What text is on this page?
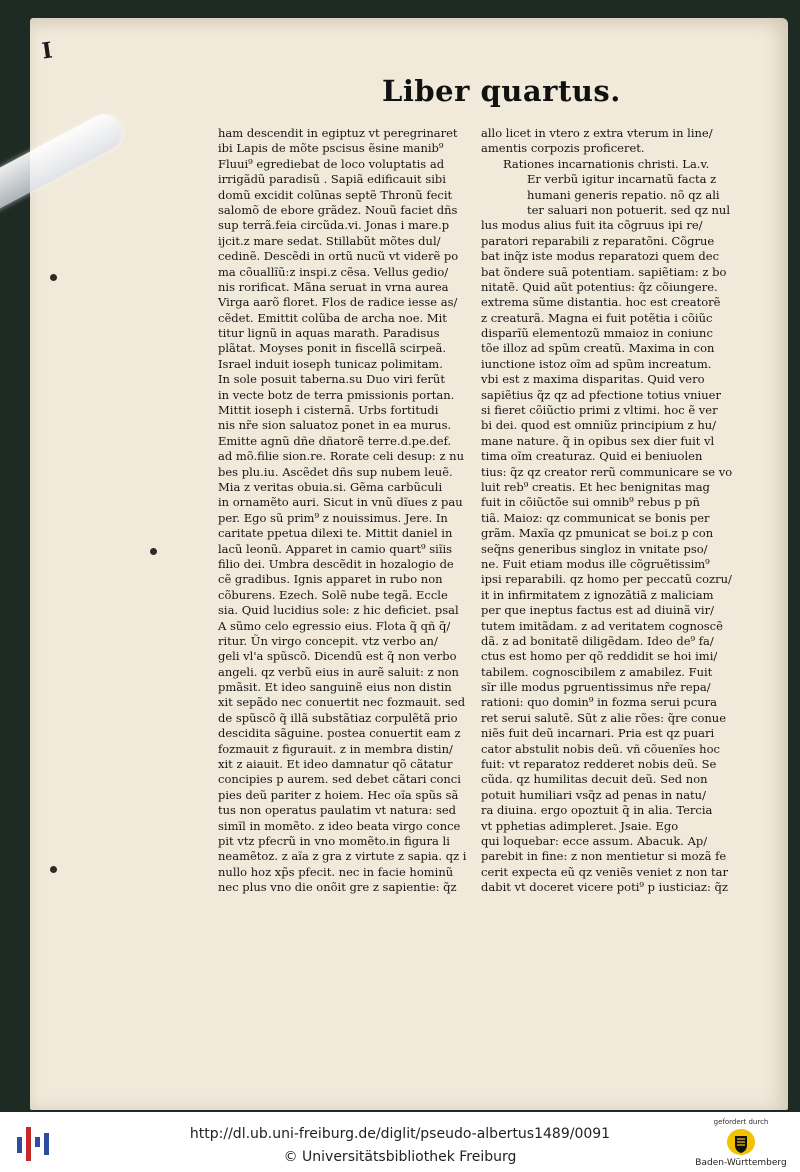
I
Liber quartus.
ham descendit in egiptuz vt peregrinaret
ibi Lapis de mõte pscisus ẽsine manib⁹
Fluui⁹ egrediebat de loco voluptatis ad
irrigãdũ paradisũ . Sapiã edificauit sibi
domũ excidit colũnas septẽ Thronũ fecit
salomõ de ebore grãdez. Nouũ faciet dñs
sup terrã.feia circũda.vi. Jonas i mare.p
ijcit.z mare sedat. Stillabũt mõtes dul/
cedinẽ. Descẽdi in ortũ nucũ vt viderẽ po
ma cõuallĩũ:z inspi.z cẽsa. Vellus gedio/
nis rorificat. Mãna seruat in vrna aurea
Virga aarõ floret. Flos de radice iesse as/
cẽdet. Emittit colũba de archa noe. Mit
titur lignũ in aquas marath. Paradisus
plãtat. Moyses ponit in fiscellã scirpeã.
Israel induit ioseph tunicaz polimitam.
In sole posuit taberna.su Duo viri ferũt
in vecte botz de terra pmissionis portan.
Mittit ioseph i cisternã. Urbs fortitudi
nis nr̃e sion saluatoz ponet in ea murus.
Emitte agnũ dñe dñatorẽ terre.d.pe.def.
ad mõ.filie sion.re. Rorate celi desup: z nu
bes plu.iu. Ascẽdet dñs sup nubem leuẽ.
Mia z veritas obuia.si. Gẽma carbũculi
in ornamẽto auri. Sicut in vnũ dĩues z pau
per. Ego sũ prim⁹ z nouissimus. Jere. In
caritate ppetua dilexi te. Mittit daniel in
lacũ leonũ. Apparet in camio quart⁹ siĩis
filio dei. Umbra descẽdit in hozalogio de
cẽ gradibus. Ignis apparet in rubo non
cõburens. Ezech. Solẽ nube tegã. Eccle
sia. Quid lucidius sole: z hic deficiet. psal
A sũmo celo egressio eius. Flota q̃ qñ q̃/
ritur. Ũn virgo concepit. vtz verbo an/
geli vl'a spũscõ. Dicendũ est q̃ non verbo
angeli. qz verbũ eius in aurẽ saluit: z non
pmãsit. Et ideo sanguinẽ eius non distin
xit sepãdo nec conuertit nec fozmauit. sed
de spũscõ q̃ illã substãtiaz corpulẽtã prio
descidita sãguine. postea conuertit eam z
fozmauit z figurauit. z in membra distin/
xit z aiauit. Et ideo damnatur qõ cãtatur
concipies p aurem. sed debet cãtari conci
pies deũ pariter z hoiem. Hec oĩa spũs sã
tus non operatus paulatim vt natura: sed
simĩl in momẽto. z ideo beata virgo conce
pit vtz pfecrũ in vno momẽto.in figura li
neamẽtoz. z aĩa z gra z virtute z sapia. qz i
nullo hoz xp̃s pfecit. nec in facie hominũ
nec plus vno die onõit gre z sapientie: q̃z
allo licet in vtero z extra vterum in line/
amentis corpozis proficeret.
Rationes incarnationis christi. La.v.
Er verbũ igitur incarnatũ facta z
humani generis repatio. nõ qz ali
ter saluari non potuerit. sed qz nul
lus modus alius fuit ita cõgruus ipi re/
paratori reparabili z reparatõni. Cõgrue
bat inq̃z iste modus reparatozi quem dec
bat õndere suã potentiam. sapiẽtiam: z bo
nitatẽ. Quid aũt potentius: q̃z cõiungere.
extrema sũme distantia. hoc est creatorẽ
z creaturã. Magna ei fuit potẽtia i cõiũc
disparĩũ elementozũ mmaioz in coniunc
tõe illoz ad spũm creatũ. Maxima in con
iunctione istoz oĩm ad spũm increatum.
vbi est z maxima disparitas. Quid vero
sapiẽtius q̃z qz ad pfectione totius vniuer
si fieret cõiũctio primi z vltimi. hoc ẽ ver
bi dei. quod est omniũz principium z hu/
mane nature. q̃ in opibus sex dier fuit vl
tima oĩm creaturaz. Quid ei beniuolen
tius: q̃z qz creator rerũ communicare se vo
luit reb⁹ creatis. Et hec benignitas mag
fuit in cõiũctõe sui omnib⁹ rebus p pñ
tiã. Maioz: qz communicat se bonis per
grãm. Maxĩa qz pmunicat se boi.z p con
seq̃ns generibus singloz in vnitate pso/
ne. Fuit etiam modus ille cõgruẽtissim⁹
ipsi reparabili. qz homo per peccatũ cozru/
it in infirmitatem z ignozãtiã z maliciam
per que ineptus factus est ad diuinã vir/
tutem imitãdam. z ad veritatem cognoscẽ
dã. z ad bonitatẽ diligẽdam. Ideo de⁹ fa/
ctus est homo per qõ reddidit se hoi imi/
tabilem. cognoscibilem z amabilez. Fuit
sĩr ille modus pgruentissimus nr̃e repa/
rationi: quo domin⁹ in fozma serui pcura
ret serui salutẽ. Sũt z alie rões: q̃re conue
niẽs fuit deũ incarnari. Pria est qz puari
cator abstulit nobis deũ. vñ cõuenĩes hoc
fuit: vt reparatoz redderet nobis deũ. Se
cũda. qz humilitas decuit deũ. Sed non
potuit humiliari vsq̃z ad penas in natu/
ra diuina. ergo opoztuit q̃ in alia. Tercia
vt pphetias adimpleret. Jsaie. Ego
qui loquebar: ecce assum. Abacuk. Ap/
parebit in fine: z non mentietur si mozã fe
cerit expecta eũ qz veniẽs veniet z non tar
dabit vt doceret vicere poti⁹ p iusticiaz: q̃z
http://dl.ub.uni-freiburg.de/diglit/pseudo-albertus1489/0091
© Universitätsbibliothek Freiburg
gefordert durch
Baden-Württemberg
